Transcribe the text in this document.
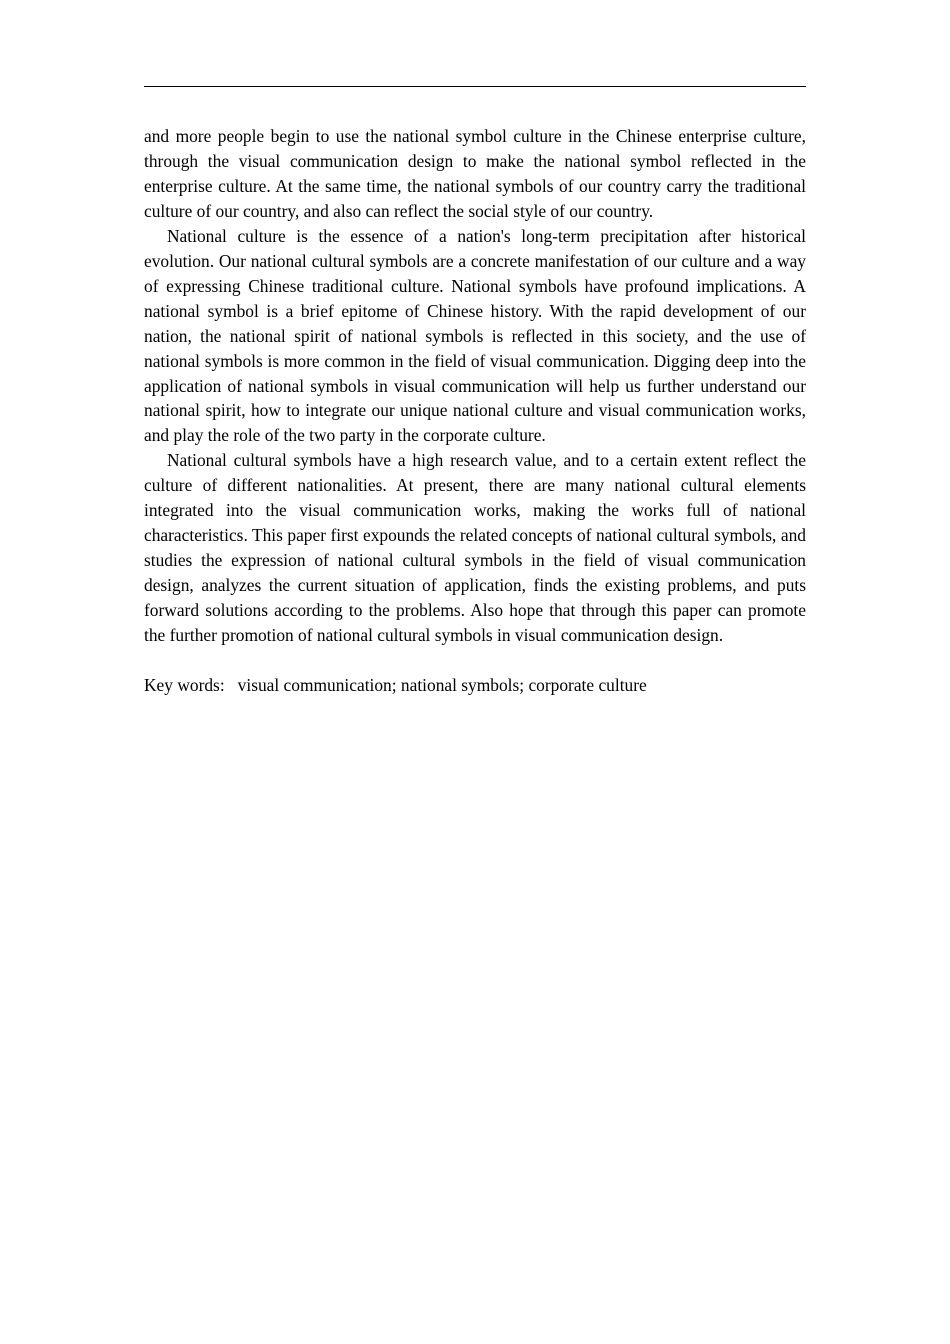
and more people begin to use the national symbol culture in the Chinese enterprise culture, through the visual communication design to make the national symbol reflected in the enterprise culture. At the same time, the national symbols of our country carry the traditional culture of our country, and also can reflect the social style of our country.

National culture is the essence of a nation's long-term precipitation after historical evolution. Our national cultural symbols are a concrete manifestation of our culture and a way of expressing Chinese traditional culture. National symbols have profound implications. A national symbol is a brief epitome of Chinese history. With the rapid development of our nation, the national spirit of national symbols is reflected in this society, and the use of national symbols is more common in the field of visual communication. Digging deep into the application of national symbols in visual communication will help us further understand our national spirit, how to integrate our unique national culture and visual communication works, and play the role of the two party in the corporate culture.

National cultural symbols have a high research value, and to a certain extent reflect the culture of different nationalities. At present, there are many national cultural elements integrated into the visual communication works, making the works full of national characteristics. This paper first expounds the related concepts of national cultural symbols, and studies the expression of national cultural symbols in the field of visual communication design, analyzes the current situation of application, finds the existing problems, and puts forward solutions according to the problems. Also hope that through this paper can promote the further promotion of national cultural symbols in visual communication design.

Key words: visual communication; national symbols; corporate culture
